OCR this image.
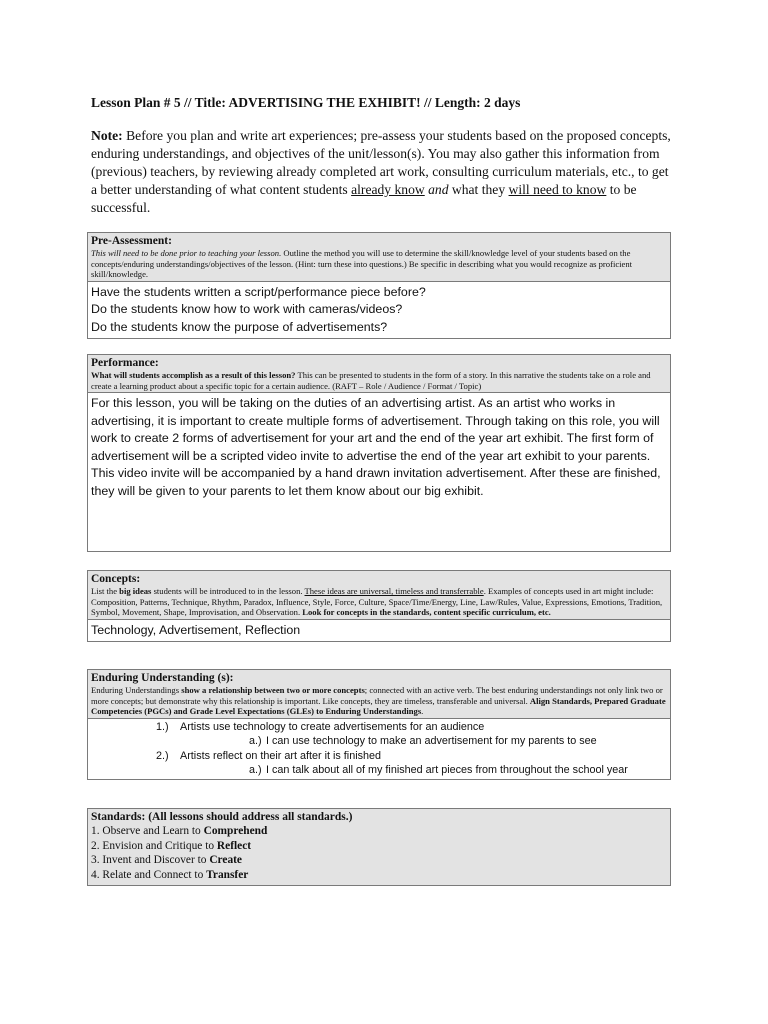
Lesson Plan # 5 // Title: ADVERTISING THE EXHIBIT! // Length: 2 days
Note: Before you plan and write art experiences; pre-assess your students based on the proposed concepts, enduring understandings, and objectives of the unit/lesson(s). You may also gather this information from (previous) teachers, by reviewing already completed art work, consulting curriculum materials, etc., to get a better understanding of what content students already know and what they will need to know to be successful.
Pre-Assessment:
This will need to be done prior to teaching your lesson. Outline the method you will use to determine the skill/knowledge level of your students based on the concepts/enduring understandings/objectives of the lesson. (Hint: turn these into questions.) Be specific in describing what you would recognize as proficient skill/knowledge.

Have the students written a script/performance piece before?

Do the students know how to work with cameras/videos?

Do the students know the purpose of advertisements?

Performance:
What will students accomplish as a result of this lesson? This can be presented to students in the form of a story. In this narrative the students take on a role and create a learning product about a specific topic for a certain audience. (RAFT – Role / Audience / Format / Topic)

For this lesson, you will be taking on the duties of an advertising artist. As an artist who works in advertising, it is important to create multiple forms of advertisement. Through taking on this role, you will work to create 2 forms of advertisement for your art and the end of the year art exhibit. The first form of advertisement will be a scripted video invite to advertise the end of the year art exhibit to your parents. This video invite will be accompanied by a hand drawn invitation advertisement. After these are finished, they will be given to your parents to let them know about our big exhibit.

Concepts:
List the big ideas students will be introduced to in the lesson. These ideas are universal, timeless and transferrable. Examples of concepts used in art might include: Composition, Patterns, Technique, Rhythm, Paradox, Influence, Style, Force, Culture, Space/Time/Energy, Line, Law/Rules, Value, Expressions, Emotions, Tradition, Symbol, Movement, Shape, Improvisation, and Observation. Look for concepts in the standards, content specific curriculum, etc.

Technology, Advertisement, Reflection

Enduring Understanding (s):
Enduring Understandings show a relationship between two or more concepts; connected with an active verb. The best enduring understandings not only link two or more concepts; but demonstrate why this relationship is important. Like concepts, they are timeless, transferable and universal. Align Standards, Prepared Graduate Competencies (PGCs) and Grade Level Expectations (GLEs) to Enduring Understandings.
1.) Artists use technology to create advertisements for an audience
a.) I can use technology to make an advertisement for my parents to see
2.) Artists reflect on their art after it is finished
a.) I can talk about all of my finished art pieces from throughout the school year
Standards: (All lessons should address all standards.)
1. Observe and Learn to Comprehend
2. Envision and Critique to Reflect
3. Invent and Discover to Create
4. Relate and Connect to Transfer
